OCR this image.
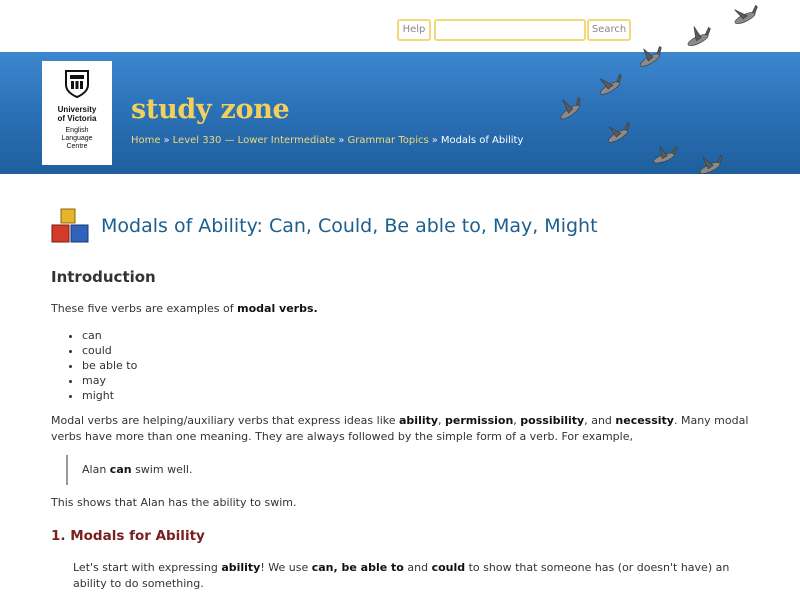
Help	Search
University
of Victoria
English
Language
Centre
study zone
Home » Level 330 — Lower Intermediate » Grammar Topics » Modals of Ability
Modals of Ability: Can, Could, Be able to, May, Might
Introduction

These five verbs are examples of modal verbs.

• can
• could
• be able to
• may
• might

Modal verbs are helping/auxiliary verbs that express ideas like ability, permission, possibility, and necessity. Many modal verbs have more than one meaning. They are always followed by the simple form of a verb. For example,

Alan can swim well.

This shows that Alan has the ability to swim.

1. Modals for Ability

Let's start with expressing ability! We use can, be able to and could to show that someone has (or doesn't have) an ability to do something.
